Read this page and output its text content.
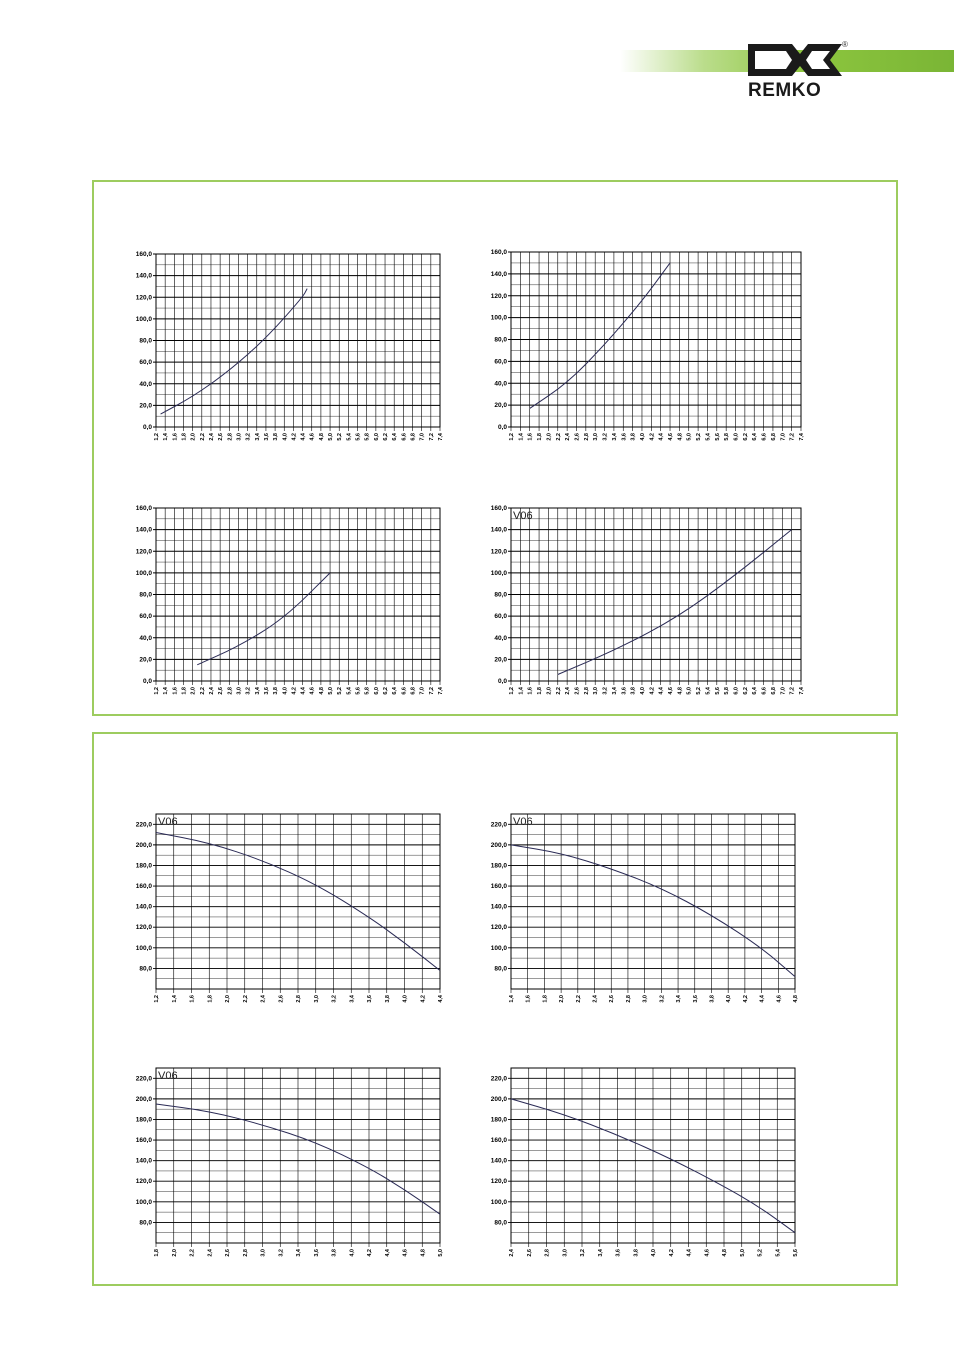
REMKO
®
1,2 1,4 1,6 1,8 2,0 2,2 2,4 2,6 2,8 3,0 3,2 3,4 3,6 3,8 4,0 4,2 4,4 4,6 4,8 5,0 5,2 5,4 5,6 5,8 6,0 6,2 6,4 6,6 6,8 7,0 7,2 7,4
0,0
20,0
40,0
60,0
80,0
100,0
120,0
140,0
160,0
1,2 1,4 1,6 1,8 2,0 2,2 2,4 2,6 2,8 3,0 3,2 3,4 3,6 3,8 4,0 4,2 4,4 4,6 4,8 5,0 5,2 5,4 5,6 5,8 6,0 6,2 6,4 6,6 6,8 7,0 7,2 7,4
0,0
20,0
40,0
60,0
80,0
100,0
120,0
140,0
160,0
1,2 1,4 1,6 1,8 2,0 2,2 2,4 2,6 2,8 3,0 3,2 3,4 3,6 3,8 4,0 4,2 4,4 4,6 4,8 5,0 5,2 5,4 5,6 5,8 6,0 6,2 6,4 6,6 6,8 7,0 7,2 7,4
0,0
20,0
40,0
60,0
80,0
100,0
120,0
140,0
160,0
1,2 1,4 1,6 1,8 2,0 2,2 2,4 2,6 2,8 3,0 3,2 3,4 3,6 3,8 4,0 4,2 4,4 4,6 4,8 5,0 5,2 5,4 5,6 5,8 6,0 6,2 6,4 6,6 6,8 7,0 7,2 7,4
0,0
20,0
40,0
60,0
80,0
100,0
120,0
140,0
160,0
V06
1,2 1,4 1,6 1,8 2,0 2,2 2,4 2,6 2,8 3,0 3,2 3,4 3,6 3,8 4,0 4,2 4,4
80,0
100,0
120,0
140,0
160,0
180,0
200,0
220,0 V06
1,4 1,6 1,8 2,0 2,2 2,4 2,6 2,8 3,0 3,2 3,4 3,6 3,8 4,0 4,2 4,4 4,6 4,8
80,0
100,0
120,0
140,0
160,0
180,0
200,0
220,0 V06
1,8 2,0 2,2 2,4 2,6 2,8 3,0 3,2 3,4 3,6 3,8 4,0 4,2 4,4 4,6 4,8 5,0
80,0
100,0
120,0
140,0
160,0
180,0
200,0
220,0 V06
2,4 2,6 2,8 3,0 3,2 3,4 3,6 3,8 4,0 4,2 4,4 4,6 4,8 5,0 5,2 5,4 5,6
80,0
100,0
120,0
140,0
160,0
180,0
200,0
220,0
